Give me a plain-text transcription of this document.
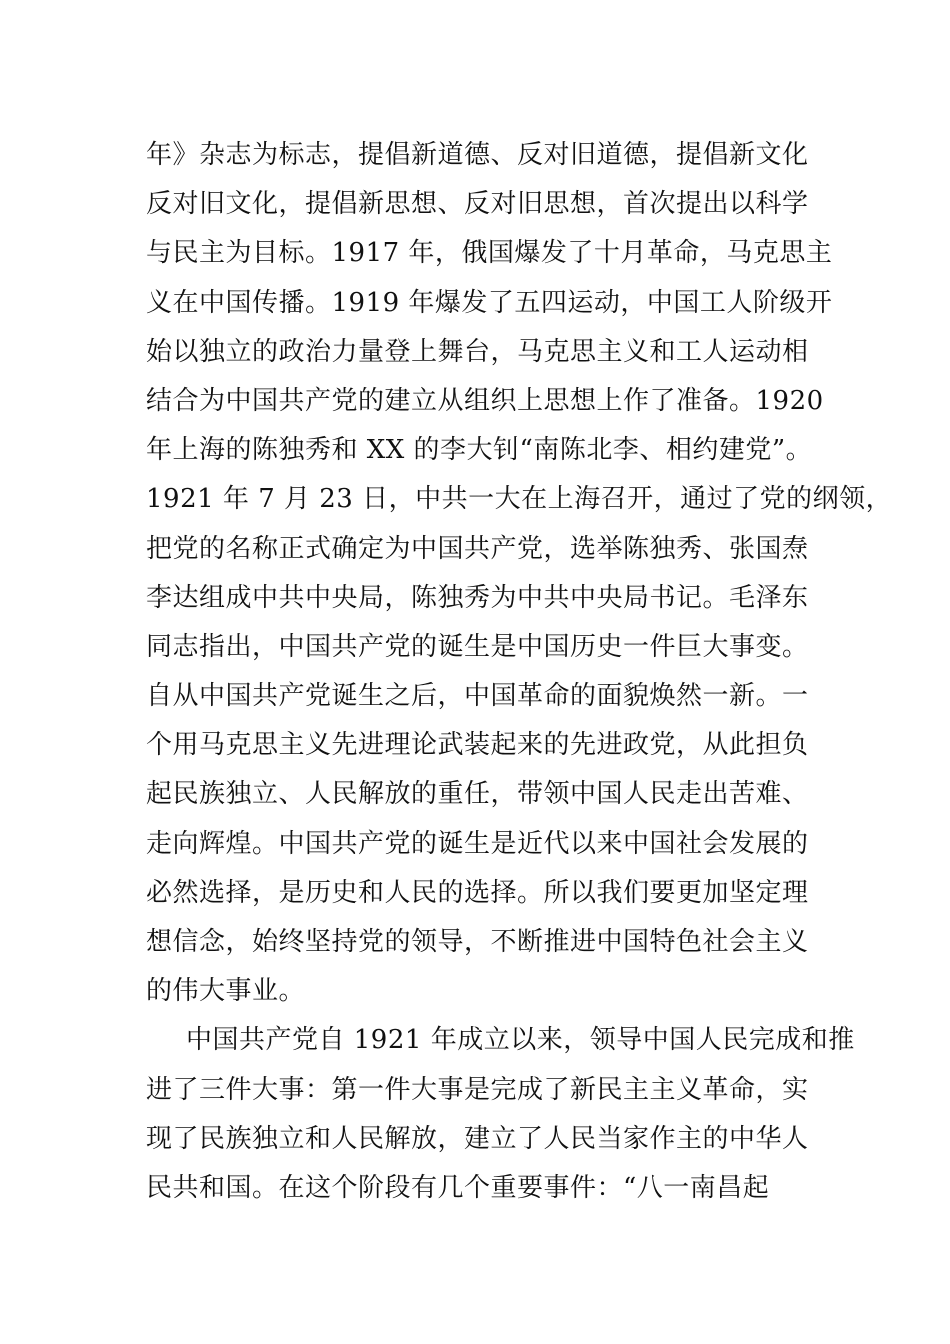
年》杂志为标志，提倡新道德、反对旧道德，提倡新文化
反对旧文化，提倡新思想、反对旧思想，首次提出以科学
与民主为目标。1917 年，俄国爆发了十月革命，马克思主
义在中国传播。1919 年爆发了五四运动，中国工人阶级开
始以独立的政治力量登上舞台，马克思主义和工人运动相
结合为中国共产党的建立从组织上思想上作了准备。1920
年上海的陈独秀和 XX 的李大钊“南陈北李、相约建党”。
1921 年 7 月 23 日，中共一大在上海召开，通过了党的纲领，
把党的名称正式确定为中国共产党，选举陈独秀、张国焘
李达组成中共中央局，陈独秀为中共中央局书记。毛泽东
同志指出，中国共产党的诞生是中国历史一件巨大事变。
自从中国共产党诞生之后，中国革命的面貌焕然一新。一
个用马克思主义先进理论武装起来的先进政党，从此担负
起民族独立、人民解放的重任，带领中国人民走出苦难、
走向辉煌。中国共产党的诞生是近代以来中国社会发展的
必然选择，是历史和人民的选择。所以我们要更加坚定理
想信念，始终坚持党的领导，不断推进中国特色社会主义
的伟大事业。
中国共产党自 1921 年成立以来，领导中国人民完成和推
进了三件大事：第一件大事是完成了新民主主义革命，实
现了民族独立和人民解放，建立了人民当家作主的中华人
民共和国。在这个阶段有几个重要事件：“八一南昌起
